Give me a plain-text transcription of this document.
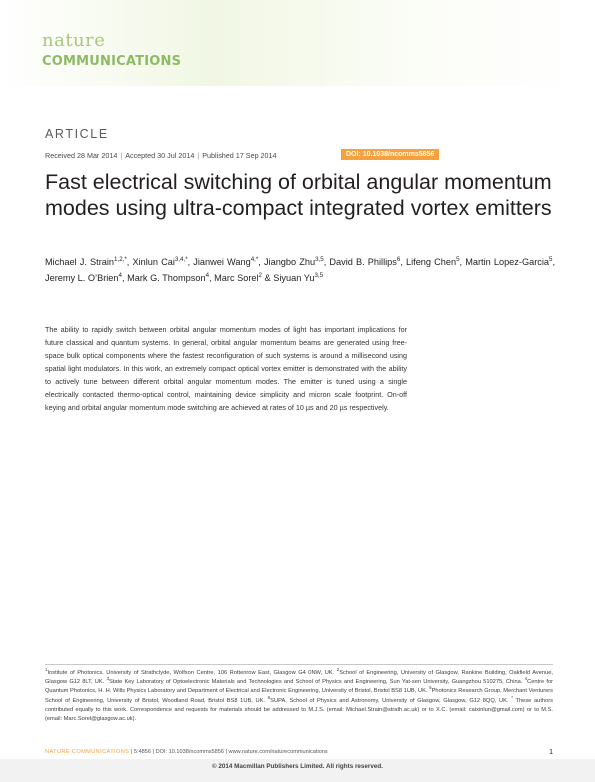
nature
COMMUNICATIONS
ARTICLE
Received 28 Mar 2014 | Accepted 30 Jul 2014 | Published 17 Sep 2014	DOI: 10.1038/ncomms5856
Fast electrical switching of orbital angular momentum modes using ultra-compact integrated vortex emitters
Michael J. Strain$^{1,2,*}$, Xinlun Cai$^{3,4,*}$, Jianwei Wang$^{4,*}$, Jiangbo Zhu$^{3,5}$, David B. Phillips$^6$, Lifeng Chen$^5$, Martin Lopez-Garcia$^5$, Jeremy L. O’Brien$^4$, Mark G. Thompson$^4$, Marc Sorel$^2$ & Siyuan Yu$^{3,5}$
The ability to rapidly switch between orbital angular momentum modes of light has important implications for future classical and quantum systems. In general, orbital angular momentum beams are generated using free-space bulk optical components where the fastest reconfiguration of such systems is around a millisecond using spatial light modulators. In this work, an extremely compact optical vortex emitter is demonstrated with the ability to actively tune between different orbital angular momentum modes. The emitter is tuned using a single electrically contacted thermo-optical control, maintaining device simplicity and micron scale footprint. On-off keying and orbital angular momentum mode switching are achieved at rates of 10 µs and 20 µs respectively.
$^1$Institute of Photonics, University of Strathclyde, Wolfson Centre, 106 Rottenrow East, Glasgow G4 0NW, UK. $^2$School of Engineering, University of Glasgow, Rankine Building, Oakfield Avenue, Glasgow G12 8LT, UK. $^3$State Key Laboratory of Optoelectronic Materials and Technologies and School of Physics and Engineering, Sun Yat-sen University, Guangzhou 510275, China. $^4$Centre for Quantum Photonics, H. H. Wills Physics Laboratory and Department of Electrical and Electronic Engineering, University of Bristol, Bristol BS8 1UB, UK. $^5$Photonics Research Group, Merchant Venturers School of Engineering, University of Bristol, Woodland Road, Bristol BS8 1UB, UK. $^6$SUPA, School of Physics and Astronomy, University of Glasgow, Glasgow, G12 8QQ, UK. * These authors contributed equally to this work. Correspondence and requests for materials should be addressed to M.J.S. (email: Michael.Strain@strath.ac.uk) or to X.C. (email: caixinlun@gmail.com) or to M.S. (email: Marc.Sorel@glasgow.ac.uk).
NATURE COMMUNICATIONS | 5:4856 | DOI: 10.1038/ncomms5856 | www.nature.com/naturecommunications	1
© 2014 Macmillan Publishers Limited. All rights reserved.
